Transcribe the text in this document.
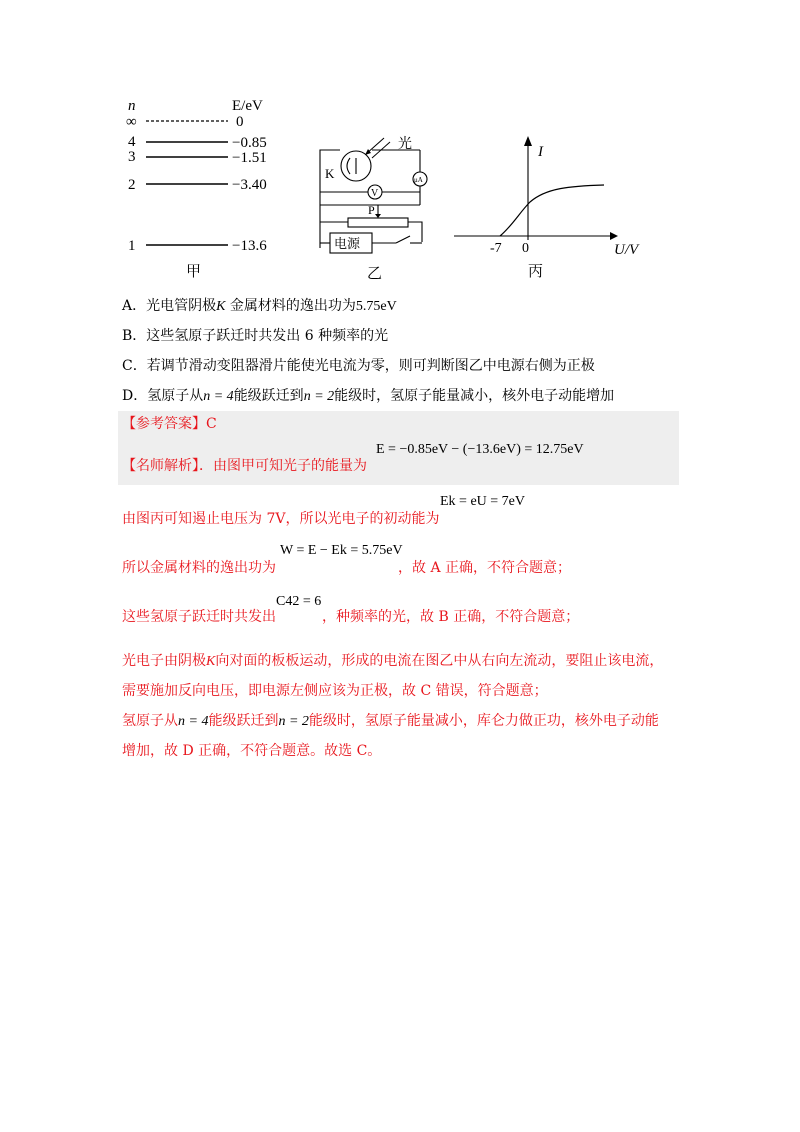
n	E/eV
∞	0
4	−0.85
3	−1.51
2	−3.40
1	−13.6
甲
光
K
V
μA
P
电源
乙
I
U/V
-7 0
丙
A．光电管阴极K 金属材料的逸出功为5.75eV
B．这些氢原子跃迁时共发出 6 种频率的光
C．若调节滑动变阻器滑片能使光电流为零，则可判断图乙中电源右侧为正极
D．氢原子从n = 4能级跃迁到n = 2能级时，氢原子能量减小，核外电子动能增加
【参考答案】C
【名师解析】．由图甲可知光子的能量为
E = −0.85eV − (−13.6eV) = 12.75eV
由图丙可知遏止电压为 7V，所以光电子的初动能为
Ek = eU = 7eV
所以金属材料的逸出功为
W = E − Ek = 5.75eV
，故 A 正确，不符合题意；
这些氢原子跃迁时共发出
C42 = 6
，种频率的光，故 B 正确，不符合题意；
光电子由阴极K向对面的板板运动，形成的电流在图乙中从右向左流动，要阻止该电流，
需要施加反向电压，即电源左侧应该为正极，故 C 错误，符合题意；
氢原子从n = 4能级跃迁到n = 2能级时，氢原子能量减小，库仑力做正功，核外电子动能
增加，故 D 正确，不符合题意。故选 C。
